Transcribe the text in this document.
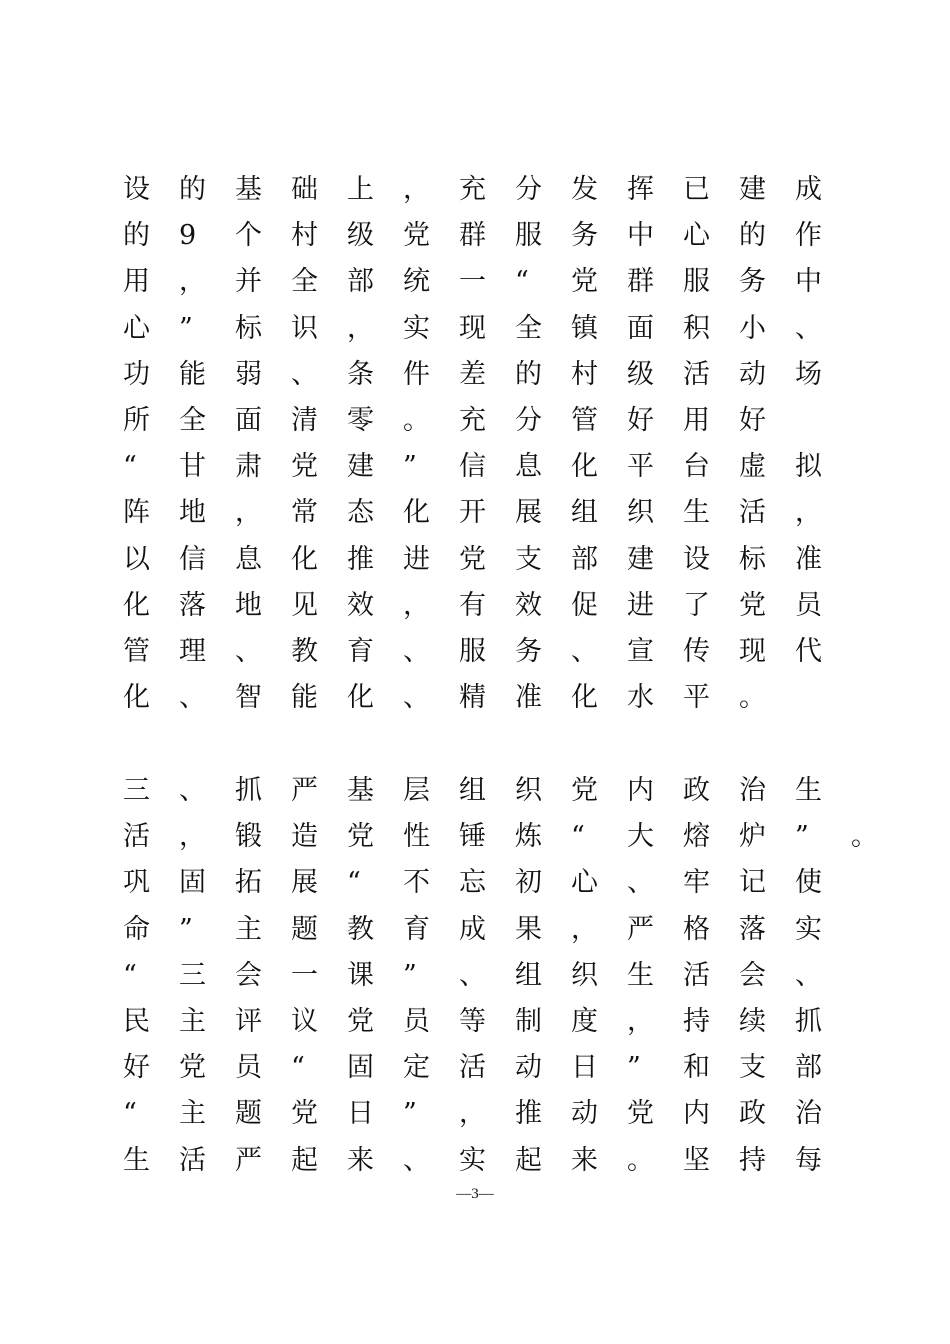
设 的 基 础 上 ， 充 分 发 挥 已 建 成
的 9 个 村 级 党 群 服 务 中 心 的 作
用 ， 并 全 部 统 一 “ 党 群 服 务 中
心 ” 标 识 ， 实 现 全 镇 面 积 小 、
功 能 弱 、 条 件 差 的 村 级 活 动 场
所 全 面 清 零 。 充 分 管 好 用 好
“ 甘 肃 党 建 ” 信 息 化 平 台 虚 拟
阵 地 ， 常 态 化 开 展 组 织 生 活 ，
以 信 息 化 推 进 党 支 部 建 设 标 准
化 落 地 见 效 ， 有 效 促 进 了 党 员
管 理 、 教 育 、 服 务 、 宣 传 现 代
化 、 智 能 化 、 精 准 化 水 平 。
三 、 抓 严 基 层 组 织 党 内 政 治 生
活 ， 锻 造 党 性 锤 炼 “ 大 熔 炉 ” 。
巩 固 拓 展 “ 不 忘 初 心 、 牢 记 使
命 ” 主 题 教 育 成 果 ， 严 格 落 实
“ 三 会 一 课 ” 、 组 织 生 活 会 、
民 主 评 议 党 员 等 制 度 ， 持 续 抓
好 党 员 “ 固 定 活 动 日 ” 和 支 部
“ 主 题 党 日 ” ， 推 动 党 内 政 治
生 活 严 起 来 、 实 起 来 。 坚 持 每
—3—
